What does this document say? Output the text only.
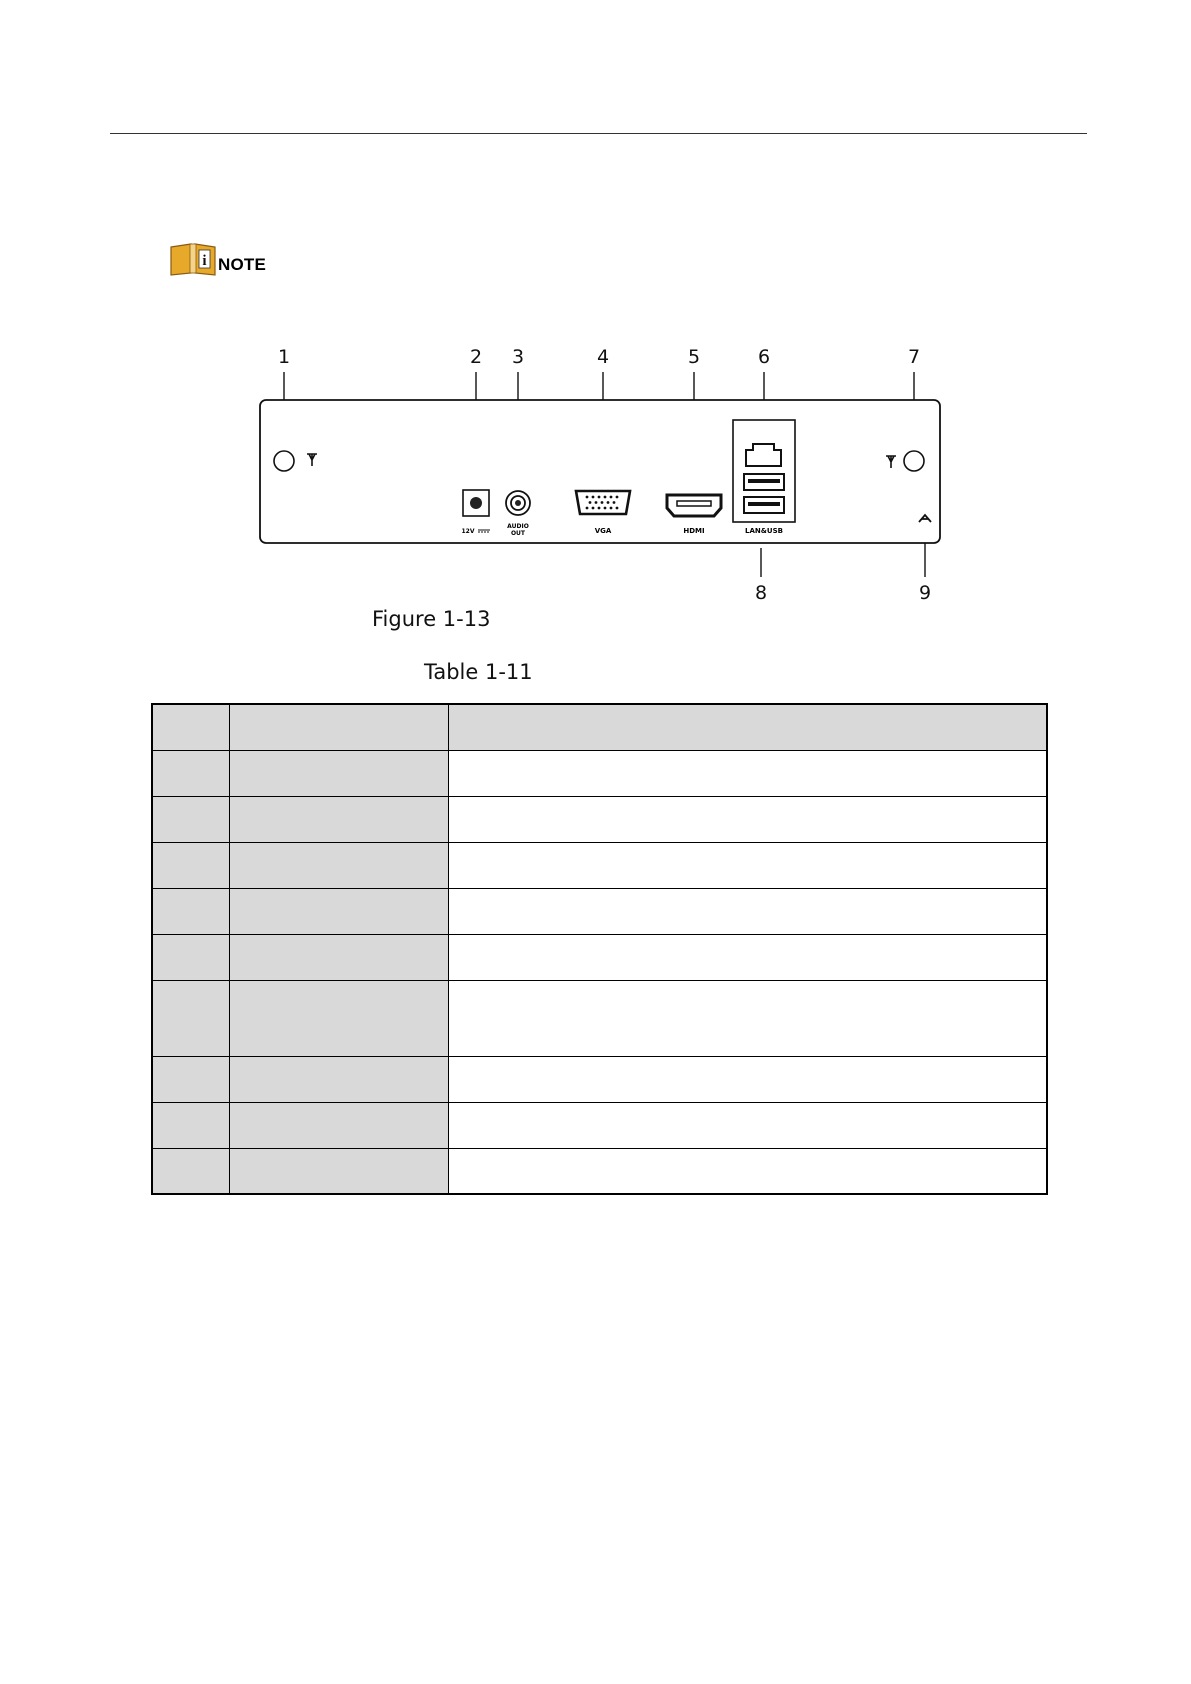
i NOTE
1	2 3	4	5	6	7
8	9
12V
AUDIO
OUT	VGA	HDMI	LAN&USB
Figure 1-13
Table 1-11
